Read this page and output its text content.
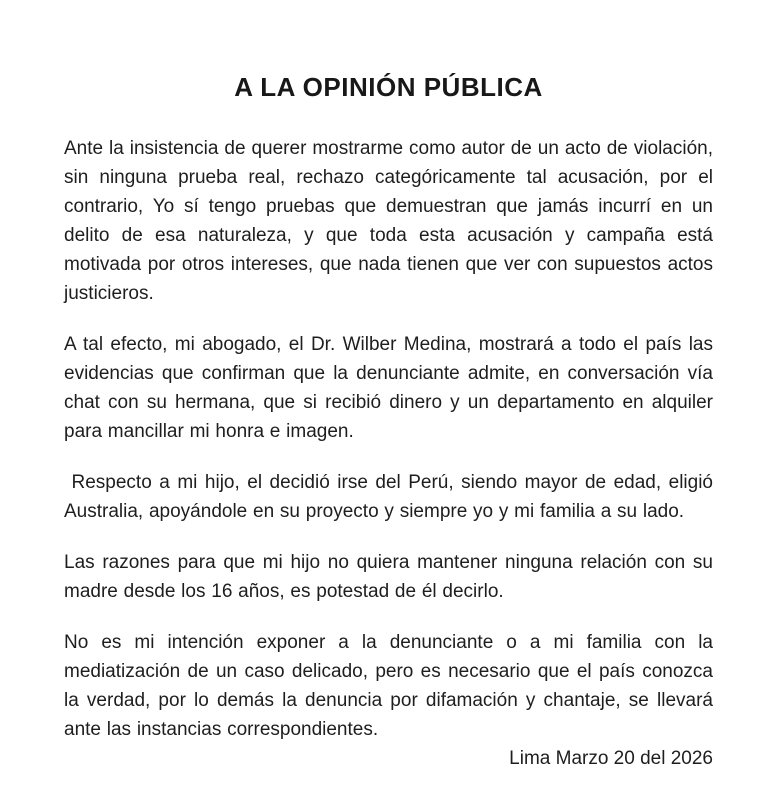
A LA OPINIÓN PÚBLICA

Ante la insistencia de querer mostrarme como autor de un acto de violación, sin ninguna prueba real, rechazo categóricamente tal acusación, por el contrario, Yo sí tengo pruebas que demuestran que jamás incurrí en un delito de esa naturaleza, y que toda esta acusación y campaña está motivada por otros intereses, que nada tienen que ver con supuestos actos justicieros.

A tal efecto, mi abogado, el Dr. Wilber Medina, mostrará a todo el país las evidencias que confirman que la denunciante admite, en conversación vía chat con su hermana, que si recibió dinero y un departamento en alquiler para mancillar mi honra e imagen.

Respecto a mi hijo, el decidió irse del Perú, siendo mayor de edad, eligió Australia, apoyándole en su proyecto y siempre yo y mi familia a su lado.

Las razones para que mi hijo no quiera mantener ninguna relación con su madre desde los 16 años, es potestad de él decirlo.

No es mi intención exponer a la denunciante o a mi familia con la mediatización de un caso delicado, pero es necesario que el país conozca la verdad, por lo demás la denuncia por difamación y chantaje, se llevará ante las instancias correspondientes.

Lima Marzo 20 del 2026
